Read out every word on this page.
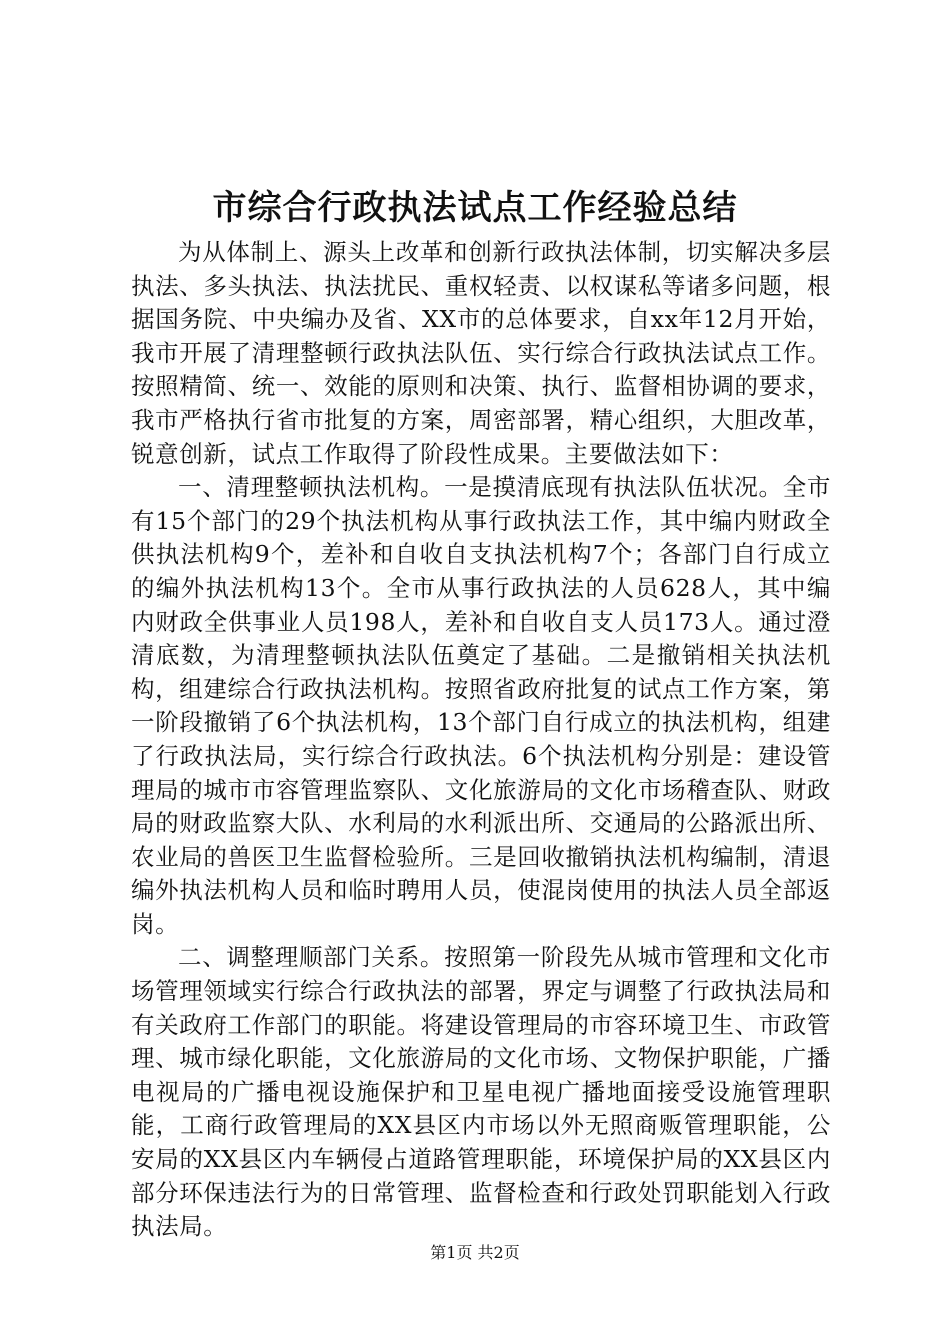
市综合行政执法试点工作经验总结

为从体制上、源头上改革和创新行政执法体制，切实解决多层执法、多头执法、执法扰民、重权轻责、以权谋私等诸多问题，根据国务院、中央编办及省、XX市的总体要求，自xx年12月开始，我市开展了清理整顿行政执法队伍、实行综合行政执法试点工作。按照精简、统一、效能的原则和决策、执行、监督相协调的要求，我市严格执行省市批复的方案，周密部署，精心组织，大胆改革，锐意创新，试点工作取得了阶段性成果。主要做法如下：

一、清理整顿执法机构。一是摸清底现有执法队伍状况。全市有15个部门的29个执法机构从事行政执法工作，其中编内财政全供执法机构9个，差补和自收自支执法机构7个；各部门自行成立的编外执法机构13个。全市从事行政执法的人员628人，其中编内财政全供事业人员198人，差补和自收自支人员173人。通过澄清底数，为清理整顿执法队伍奠定了基础。二是撤销相关执法机构，组建综合行政执法机构。按照省政府批复的试点工作方案，第一阶段撤销了6个执法机构，13个部门自行成立的执法机构，组建了行政执法局，实行综合行政执法。6个执法机构分别是：建设管理局的城市市容管理监察队、文化旅游局的文化市场稽查队、财政局的财政监察大队、水利局的水利派出所、交通局的公路派出所、农业局的兽医卫生监督检验所。三是回收撤销执法机构编制，清退编外执法机构人员和临时聘用人员，使混岗使用的执法人员全部返岗。

二、调整理顺部门关系。按照第一阶段先从城市管理和文化市场管理领域实行综合行政执法的部署，界定与调整了行政执法局和有关政府工作部门的职能。将建设管理局的市容环境卫生、市政管理、城市绿化职能，文化旅游局的文化市场、文物保护职能，广播电视局的广播电视设施保护和卫星电视广播地面接受设施管理职能，工商行政管理局的XX县区内市场以外无照商贩管理职能，公安局的XX县区内车辆侵占道路管理职能，环境保护局的XX县区内部分环保违法行为的日常管理、监督检查和行政处罚职能划入行政执法局。

第1页 共2页
